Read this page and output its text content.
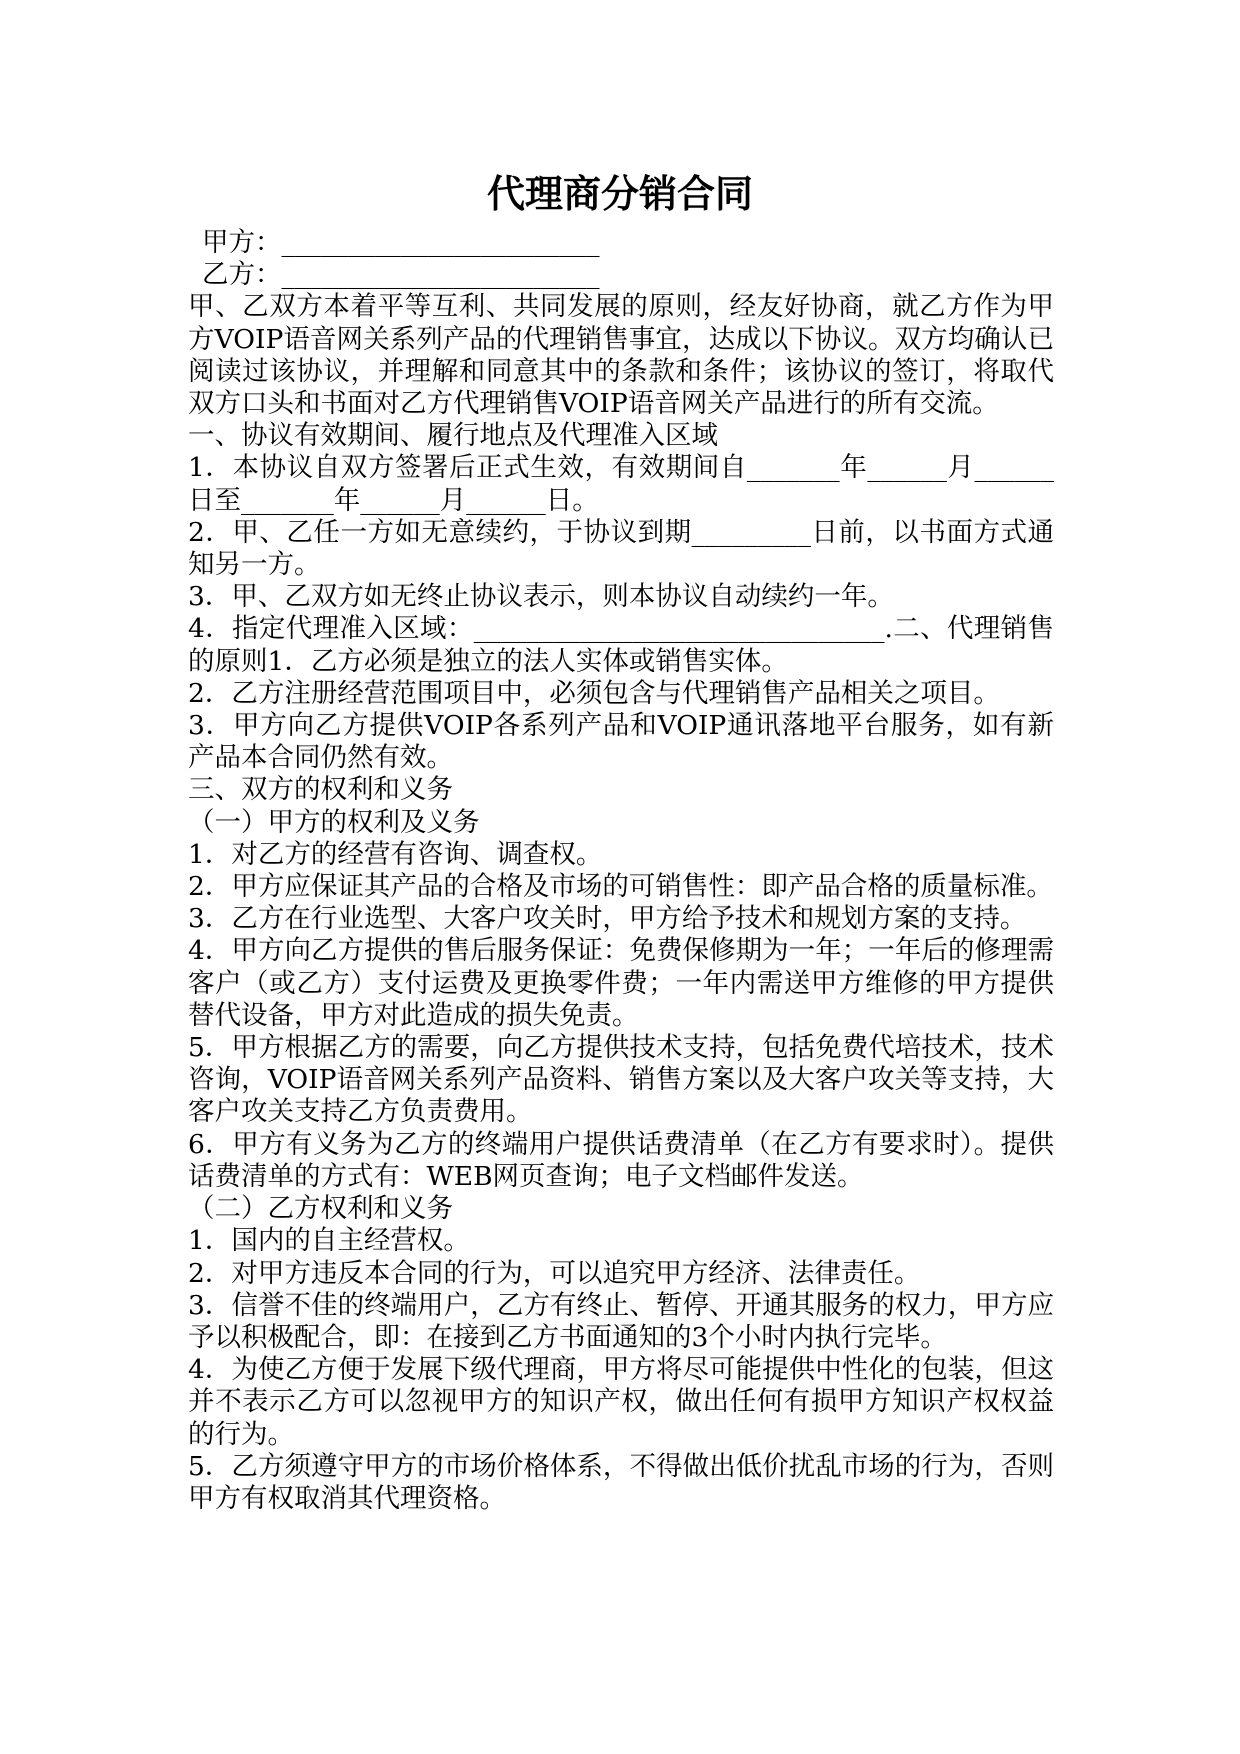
代理商分销合同

甲方：________________________

乙方：________________________

甲、乙双方本着平等互利、共同发展的原则，经友好协商，就乙方作为甲方VOIP语音网关系列产品的代理销售事宜，达成以下协议。双方均确认已阅读过该协议，并理解和同意其中的条款和条件；该协议的签订，将取代双方口头和书面对乙方代理销售VOIP语音网关产品进行的所有交流。

一、协议有效期间、履行地点及代理准入区域

1．本协议自双方签署后正式生效，有效期间自_______年______月______日至_______年______月______日。

2．甲、乙任一方如无意续约，于协议到期_________日前，以书面方式通知另一方。

3．甲、乙双方如无终止协议表示，则本协议自动续约一年。

4．指定代理准入区域：_______________________________.二、代理销售的原则1．乙方必须是独立的法人实体或销售实体。

2．乙方注册经营范围项目中，必须包含与代理销售产品相关之项目。

3．甲方向乙方提供VOIP各系列产品和VOIP通讯落地平台服务，如有新产品本合同仍然有效。

三、双方的权利和义务

（一）甲方的权利及义务

1．对乙方的经营有咨询、调查权。

2．甲方应保证其产品的合格及市场的可销售性：即产品合格的质量标准。

3．乙方在行业选型、大客户攻关时，甲方给予技术和规划方案的支持。

4．甲方向乙方提供的售后服务保证：免费保修期为一年；一年后的修理需客户（或乙方）支付运费及更换零件费；一年内需送甲方维修的甲方提供替代设备，甲方对此造成的损失免责。

5．甲方根据乙方的需要，向乙方提供技术支持，包括免费代培技术，技术咨询，VOIP语音网关系列产品资料、销售方案以及大客户攻关等支持，大客户攻关支持乙方负责费用。

6．甲方有义务为乙方的终端用户提供话费清单（在乙方有要求时）。提供话费清单的方式有：WEB网页查询；电子文档邮件发送。

（二）乙方权利和义务

1．国内的自主经营权。

2．对甲方违反本合同的行为，可以追究甲方经济、法律责任。

3．信誉不佳的终端用户，乙方有终止、暂停、开通其服务的权力，甲方应予以积极配合，即：在接到乙方书面通知的3个小时内执行完毕。

4．为使乙方便于发展下级代理商，甲方将尽可能提供中性化的包装，但这并不表示乙方可以忽视甲方的知识产权，做出任何有损甲方知识产权权益的行为。

5．乙方须遵守甲方的市场价格体系，不得做出低价扰乱市场的行为，否则甲方有权取消其代理资格。
